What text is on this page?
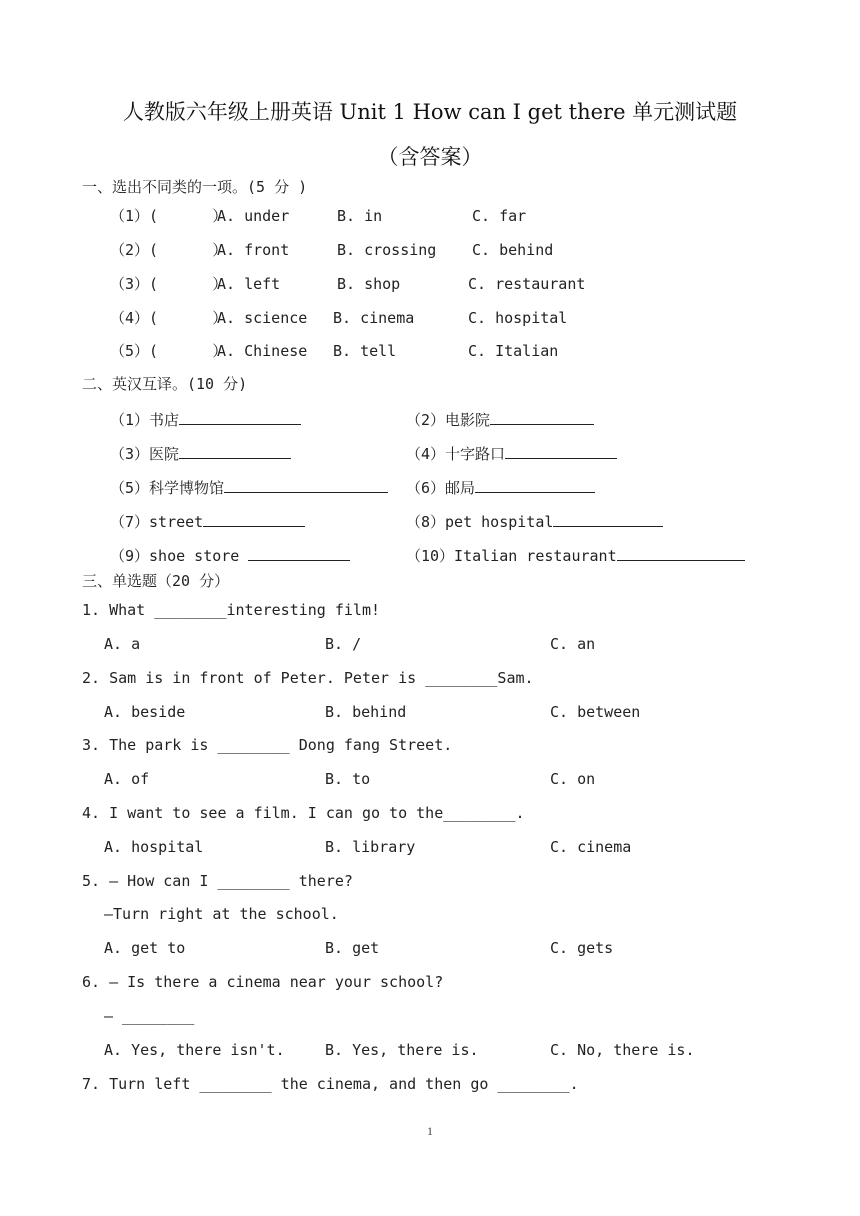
人教版六年级上册英语 Unit 1 How can I get there 单元测试题
（含答案）
一、选出不同类的一项。(5 分 )
（1）(      ）
A. under	B. in	C. far
（2）(      ）
A. front	B. crossing C. behind
（3）(      ）
A. left	B. shop	C. restaurant
（4）(      ）
A. science B. cinema	C. hospital
（5）(      ）
A. Chinese B. tell	C. Italian
二、英汉互译。(10 分)
（1）书店	（2）电影院
（3）医院	（4）十字路口
（5）科学博物馆	（6）邮局
（7）street	（8）pet hospital
（9）shoe store	（10）Italian restaurant
三、单选题（20 分）
1. What ________interesting film!
A. a	B. /	C. an
2. Sam is in front of Peter. Peter is ________Sam.
A. beside	B. behind	C. between
3. The park is ________ Dong fang Street.
A. of	B. to	C. on
4. I want to see a film. I can go to the________.
A. hospital	B. library	C. cinema
5. — How can I ________ there?
—Turn right at the school.
A. get to	B. get	C. gets
6. — Is there a cinema near your school?
— ________
A. Yes, there isn't.	B. Yes, there is.	C. No, there is.
7. Turn left ________ the cinema, and then go ________.
1
